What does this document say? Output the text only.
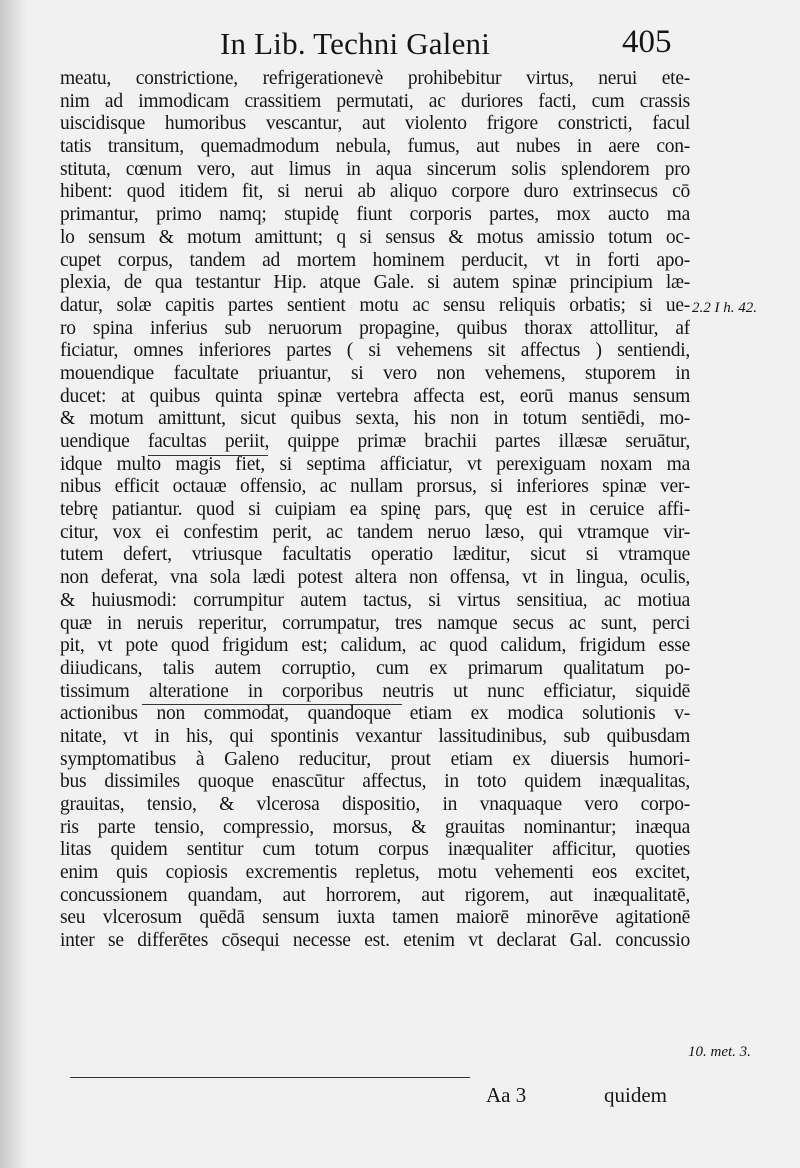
In Lib. Techni Galeni	405
meatu, constrictione, refrigerationevè prohibebitur virtus, nerui ete-
nim ad immodicam crassitiem permutati, ac duriores facti, cum crassis
uiscidisque humoribus vescantur, aut violento frigore constricti, facul
tatis transitum, quemadmodum nebula, fumus, aut nubes in aere con-
stituta, cœnum vero, aut limus in aqua sincerum solis splendorem pro
hibent: quod itidem fit, si nerui ab aliquo corpore duro extrinsecus cō
primantur, primo namq; stupidę fiunt corporis partes, mox aucto ma
lo sensum & motum amittunt; q si sensus & motus amissio totum oc-
cupet corpus, tandem ad mortem hominem perducit, vt in forti apo-
plexia, de qua testantur Hip. atque Gale. si autem spinæ principium læ-
datur, solæ capitis partes sentient motu ac sensu reliquis orbatis; si ue-
ro spina inferius sub neruorum propagine, quibus thorax attollitur, af
ficiatur, omnes inferiores partes ( si vehemens sit affectus ) sentiendi,
mouendique facultate priuantur, si vero non vehemens, stuporem in
ducet: at quibus quinta spinæ vertebra affecta est, eorū manus sensum
& motum amittunt, sicut quibus sexta, his non in totum sentiēdi, mo-
uendique facultas periit, quippe primæ brachii partes illæsæ seruātur,
idque multo magis fiet, si septima afficiatur, vt perexiguam noxam ma
nibus efficit octauæ offensio, ac nullam prorsus, si inferiores spinæ ver-
tebrę patiantur. quod si cuipiam ea spinę pars, quę est in ceruice affi-
citur, vox ei confestim perit, ac tandem neruo læso, qui vtramque vir-
tutem defert, vtriusque facultatis operatio læditur, sicut si vtramque
non deferat, vna sola lædi potest altera non offensa, vt in lingua, oculis,
& huiusmodi: corrumpitur autem tactus, si virtus sensitiua, ac motiua
quæ in neruis reperitur, corrumpatur, tres namque secus ac sunt, perci
pit, vt pote quod frigidum est; calidum, ac quod calidum, frigidum esse
diiudicans, talis autem corruptio, cum ex primarum qualitatum po-
tissimum alteratione in corporibus neutris ut nunc efficiatur, siquidē
actionibus non commodat, quandoque etiam ex modica solutionis v-
nitate, vt in his, qui spontinis vexantur lassitudinibus, sub quibusdam
symptomatibus à Galeno reducitur, prout etiam ex diuersis humori-
bus dissimiles quoque enascūtur affectus, in toto quidem inæqualitas,
grauitas, tensio, & vlcerosa dispositio, in vnaquaque vero corpo-
ris parte tensio, compressio, morsus, & grauitas nominantur; inæqua
litas quidem sentitur cum totum corpus inæqualiter afficitur, quoties
enim quis copiosis excrementis repletus, motu vehementi eos excitet,
concussionem quandam, aut horrorem, aut rigorem, aut inæqualitatē,
seu vlcerosum quēdā sensum iuxta tamen maiorē minorēve agitationē
inter se differētes cōsequi necesse est. etenim vt declarat Gal. concussio
2.2 I h. 42.
10. met. 3.
Aa 3	quidem
